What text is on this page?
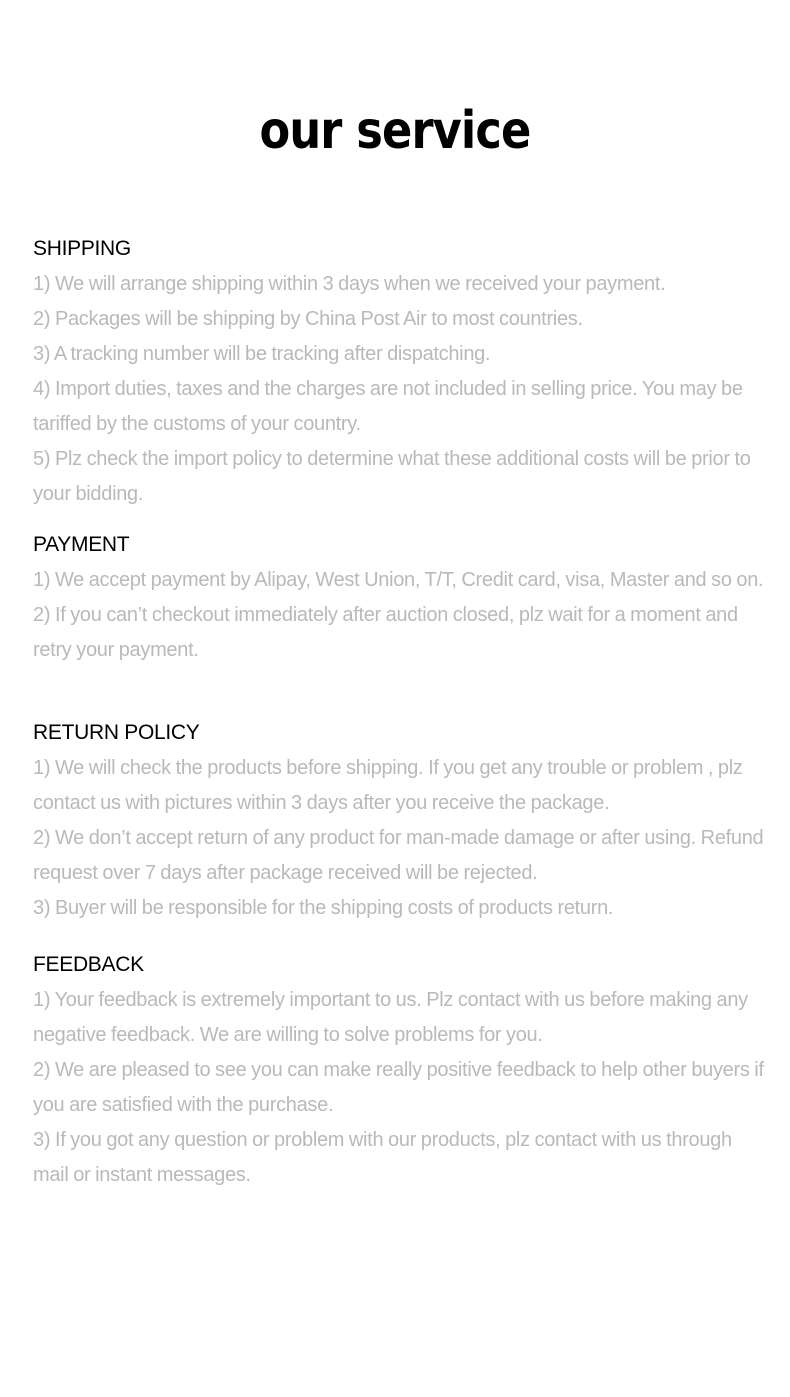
our service
SHIPPING

1) We will arrange shipping within 3 days when we received your payment.

2) Packages will be shipping by China Post Air to most countries.

3) A tracking number will be tracking after dispatching.

4) Import duties, taxes and the charges are not included in selling price. You may be tariffed by the customs of your country.

5) Plz check the import policy to determine what these additional costs will be prior to your bidding.

PAYMENT

1) We accept payment by Alipay, West Union, T/T, Credit card, visa, Master and so on.

2) If you can’t checkout immediately after auction closed, plz wait for a moment and retry your payment.

RETURN POLICY

1) We will check the products before shipping. If you get any trouble or problem , plz contact us with pictures within 3 days after you receive the package.

2) We don’t accept return of any product for man-made damage or after using. Refund request over 7 days after package received will be rejected.

3) Buyer will be responsible for the shipping costs of products return.

FEEDBACK

1) Your feedback is extremely important to us. Plz contact with us before making any negative feedback. We are willing to solve problems for you.

2) We are pleased to see you can make really positive feedback to help other buyers if you are satisfied with the purchase.

3) If you got any question or problem with our products, plz contact with us through mail or instant messages.
